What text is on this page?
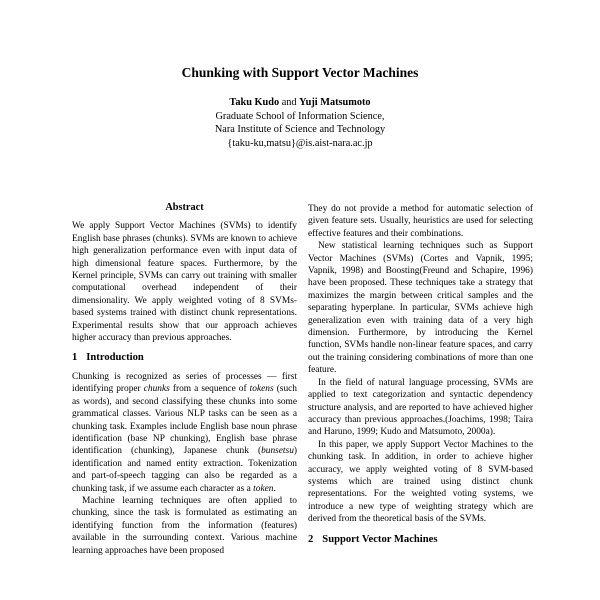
Chunking with Support Vector Machines
Taku Kudo and Yuji Matsumoto
Graduate School of Information Science,
Nara Institute of Science and Technology
{taku-ku,matsu}@is.aist-nara.ac.jp
Abstract

We apply Support Vector Machines (SVMs) to identify English base phrases (chunks). SVMs are known to achieve high generalization performance even with input data of high dimensional feature spaces. Furthermore, by the Kernel principle, SVMs can carry out training with smaller computational overhead independent of their dimensionality. We apply weighted voting of 8 SVMs-based systems trained with distinct chunk representations. Experimental results show that our approach achieves higher accuracy than previous approaches.

1 Introduction

Chunking is recognized as series of processes — first identifying proper chunks from a sequence of tokens (such as words), and second classifying these chunks into some grammatical classes. Various NLP tasks can be seen as a chunking task. Examples include English base noun phrase identification (base NP chunking), English base phrase identification (chunking), Japanese chunk (bunsetsu) identification and named entity extraction. Tokenization and part-of-speech tagging can also be regarded as a chunking task, if we assume each character as a token.

Machine learning techniques are often applied to chunking, since the task is formulated as estimating an identifying function from the information (features) available in the surrounding context. Various machine learning approaches have been proposed

They do not provide a method for automatic selection of given feature sets. Usually, heuristics are used for selecting effective features and their combinations.

New statistical learning techniques such as Support Vector Machines (SVMs) (Cortes and Vapnik, 1995; Vapnik, 1998) and Boosting(Freund and Schapire, 1996) have been proposed. These techniques take a strategy that maximizes the margin between critical samples and the separating hyperplane. In particular, SVMs achieve high generalization even with training data of a very high dimension. Furthermore, by introducing the Kernel function, SVMs handle non-linear feature spaces, and carry out the training considering combinations of more than one feature.

In the field of natural language processing, SVMs are applied to text categorization and syntactic dependency structure analysis, and are reported to have achieved higher accuracy than previous approaches.(Joachims, 1998; Taira and Haruno, 1999; Kudo and Matsumoto, 2000a).

In this paper, we apply Support Vector Machines to the chunking task. In addition, in order to achieve higher accuracy, we apply weighted voting of 8 SVM-based systems which are trained using distinct chunk representations. For the weighted voting systems, we introduce a new type of weighting strategy which are derived from the theoretical basis of the SVMs.

2 Support Vector Machines
